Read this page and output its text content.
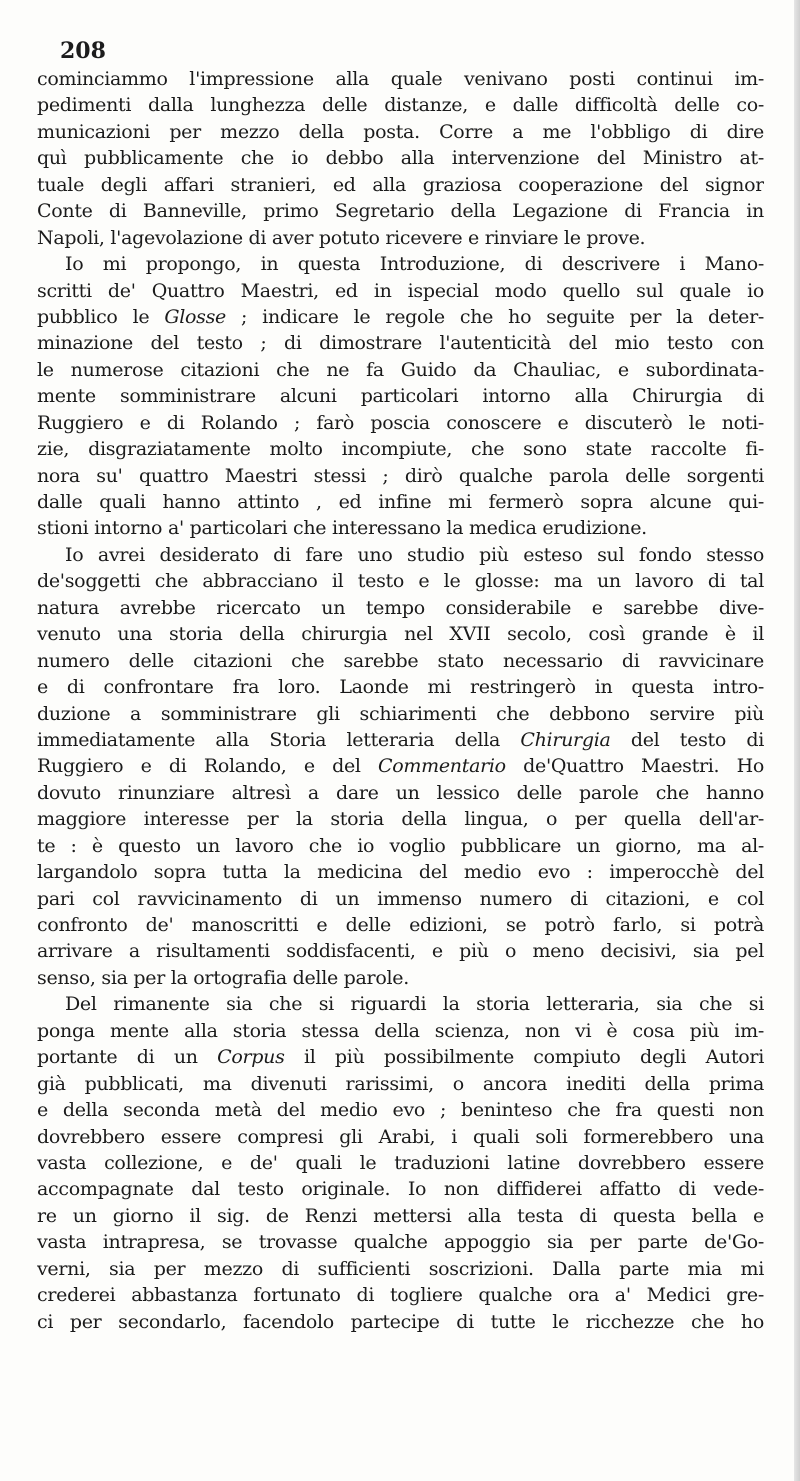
208
cominciammo l'impressione alla quale venivano posti continui im-
pedimenti dalla lunghezza delle distanze, e dalle difficoltà delle co-
municazioni per mezzo della posta. Corre a me l'obbligo di dire
quì pubblicamente che io debbo alla intervenzione del Ministro at-
tuale degli affari stranieri, ed alla graziosa cooperazione del signor
Conte di Banneville, primo Segretario della Legazione di Francia in
Napoli, l'agevolazione di aver potuto ricevere e rinviare le prove.
Io mi propongo, in questa Introduzione, di descrivere i Mano-
scritti de' Quattro Maestri, ed in ispecial modo quello sul quale io
pubblico le Glosse ; indicare le regole che ho seguite per la deter-
minazione del testo ; di dimostrare l'autenticità del mio testo con
le numerose citazioni che ne fa Guido da Chauliac, e subordinata-
mente somministrare alcuni particolari intorno alla Chirurgia di
Ruggiero e di Rolando ; farò poscia conoscere e discuterò le noti-
zie, disgraziatamente molto incompiute, che sono state raccolte fi-
nora su' quattro Maestri stessi ; dirò qualche parola delle sorgenti
dalle quali hanno attinto , ed infine mi fermerò sopra alcune qui-
stioni intorno a' particolari che interessano la medica erudizione.
Io avrei desiderato di fare uno studio più esteso sul fondo stesso
de'soggetti che abbracciano il testo e le glosse: ma un lavoro di tal
natura avrebbe ricercato un tempo considerabile e sarebbe dive-
venuto una storia della chirurgia nel XVII secolo, così grande è il
numero delle citazioni che sarebbe stato necessario di ravvicinare
e di confrontare fra loro. Laonde mi restringerò in questa intro-
duzione a somministrare gli schiarimenti che debbono servire più
immediatamente alla Storia letteraria della Chirurgia del testo di
Ruggiero e di Rolando, e del Commentario de'Quattro Maestri. Ho
dovuto rinunziare altresì a dare un lessico delle parole che hanno
maggiore interesse per la storia della lingua, o per quella dell'ar-
te : è questo un lavoro che io voglio pubblicare un giorno, ma al-
largandolo sopra tutta la medicina del medio evo : imperocchè del
pari col ravvicinamento di un immenso numero di citazioni, e col
confronto de' manoscritti e delle edizioni, se potrò farlo, si potrà
arrivare a risultamenti soddisfacenti, e più o meno decisivi, sia pel
senso, sia per la ortografia delle parole.
Del rimanente sia che si riguardi la storia letteraria, sia che si
ponga mente alla storia stessa della scienza, non vi è cosa più im-
portante di un Corpus il più possibilmente compiuto degli Autori
già pubblicati, ma divenuti rarissimi, o ancora inediti della prima
e della seconda metà del medio evo ; beninteso che fra questi non
dovrebbero essere compresi gli Arabi, i quali soli formerebbero una
vasta collezione, e de' quali le traduzioni latine dovrebbero essere
accompagnate dal testo originale. Io non diffiderei affatto di vede-
re un giorno il sig. de Renzi mettersi alla testa di questa bella e
vasta intrapresa, se trovasse qualche appoggio sia per parte de'Go-
verni, sia per mezzo di sufficienti soscrizioni. Dalla parte mia mi
crederei abbastanza fortunato di togliere qualche ora a' Medici gre-
ci per secondarlo, facendolo partecipe di tutte le ricchezze che ho
